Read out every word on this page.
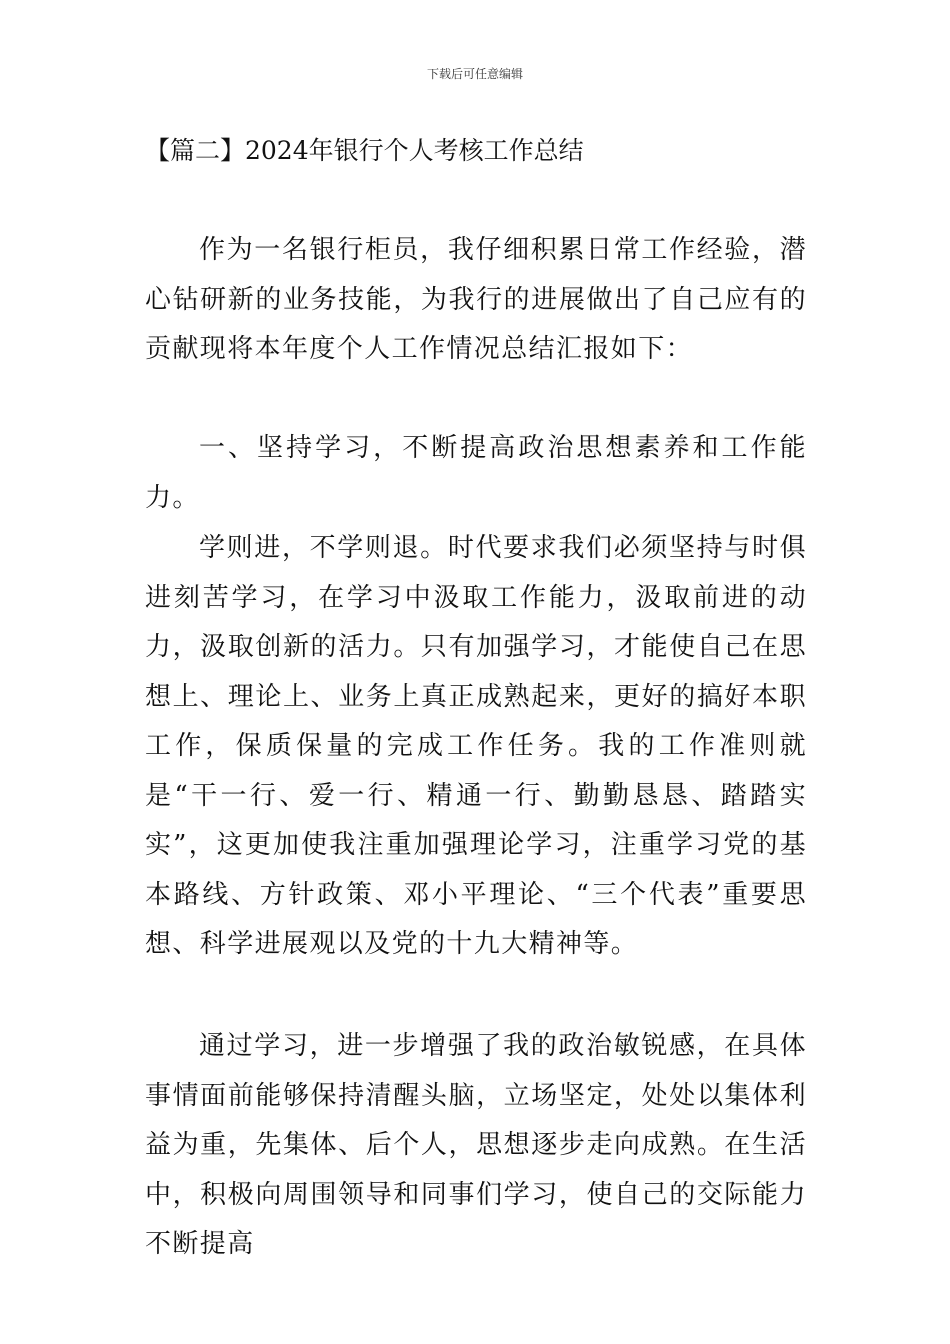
下载后可任意编辑
【篇二】2024年银行个人考核工作总结

作为一名银行柜员，我仔细积累日常工作经验，潜心钻研新的业务技能，为我行的进展做出了自己应有的贡献现将本年度个人工作情况总结汇报如下：

一、坚持学习，不断提高政治思想素养和工作能力。

学则进，不学则退。时代要求我们必须坚持与时俱进刻苦学习，在学习中汲取工作能力，汲取前进的动力，汲取创新的活力。只有加强学习，才能使自己在思想上、理论上、业务上真正成熟起来，更好的搞好本职工作，保质保量的完成工作任务。我的工作准则就是“干一行、爱一行、精通一行、勤勤恳恳、踏踏实实”，这更加使我注重加强理论学习，注重学习党的基本路线、方针政策、邓小平理论、“三个代表”重要思想、科学进展观以及党的十九大精神等。

通过学习，进一步增强了我的政治敏锐感，在具体事情面前能够保持清醒头脑，立场坚定，处处以集体利益为重，先集体、后个人，思想逐步走向成熟。在生活中，积极向周围领导和同事们学习，使自己的交际能力不断提高
